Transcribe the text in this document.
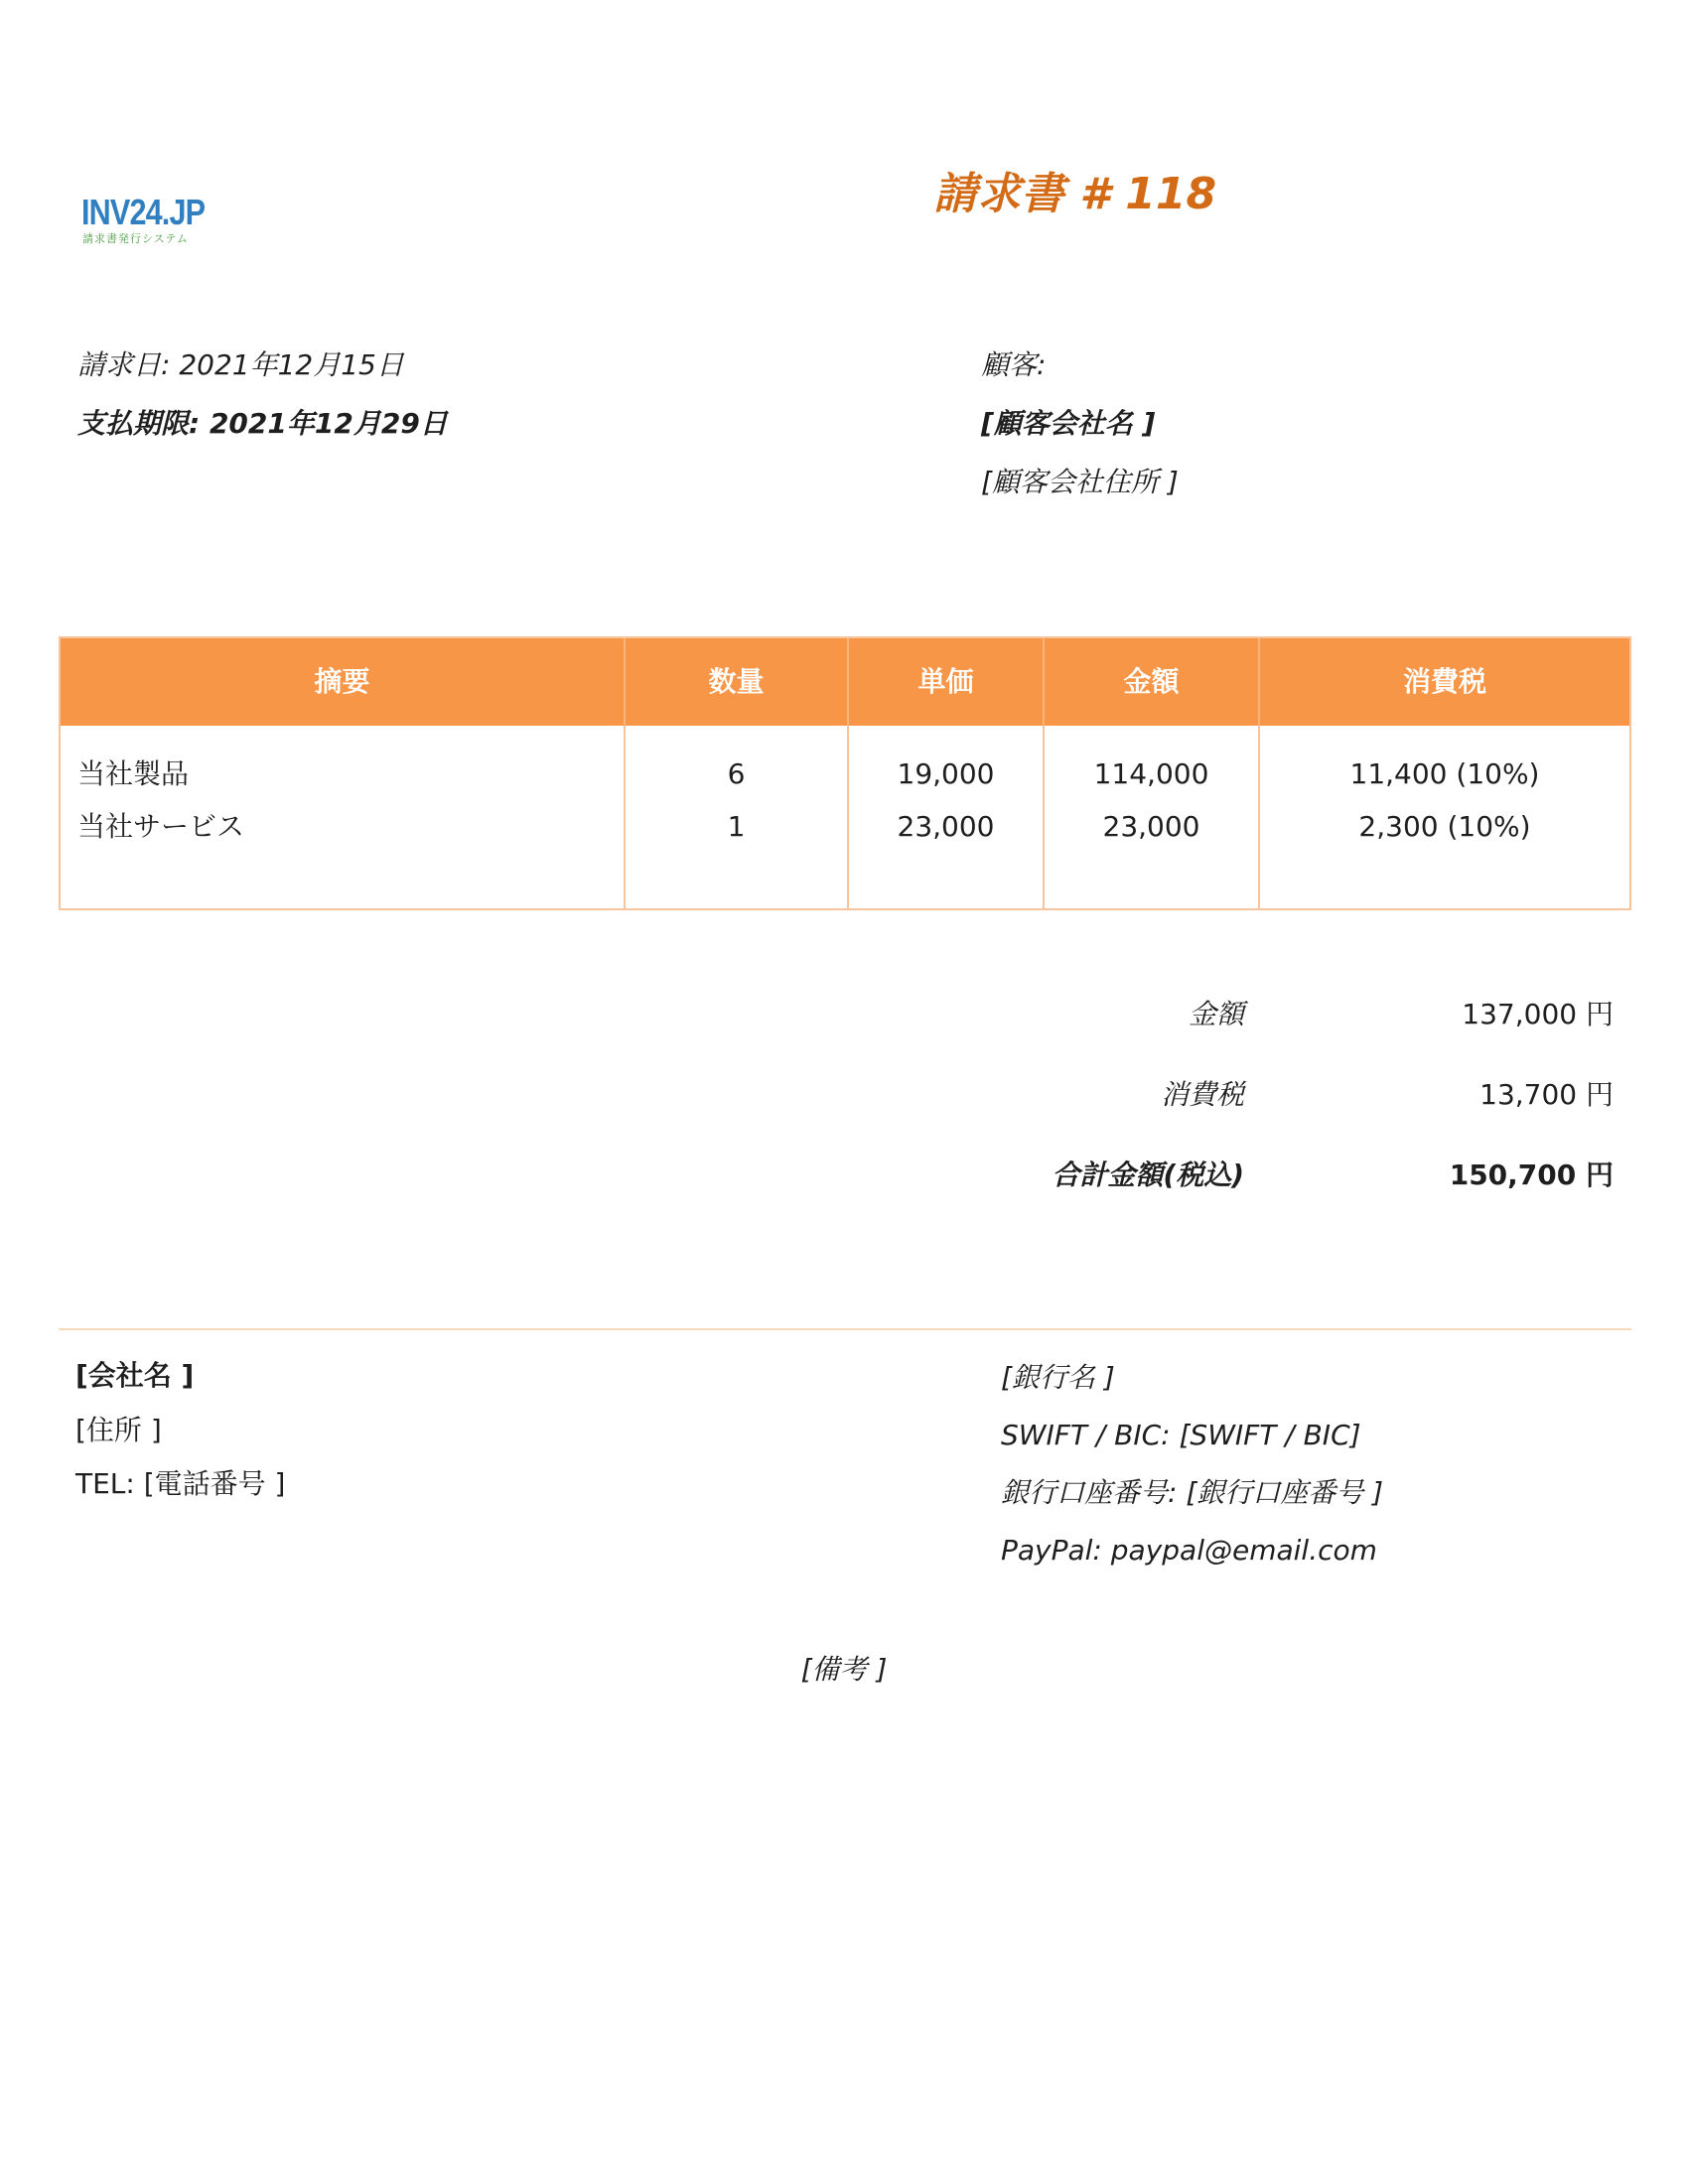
INV24.JP
請求書発行システム
請求書 # 118
請求日: 2021年12月15日
支払期限: 2021年12月29日
顧客:
[顧客会社名 ]
[顧客会社住所 ]
摘要	数量	単価	金額	消費税
当社製品	6	19,000	114,000	11,400 (10%)
当社サービス	1	23,000	23,000	2,300 (10%)
金額	137,000 円
消費税	13,700 円
合計金額(税込)	150,700 円
[会社名 ]
[住所 ]
TEL: [電話番号 ]
[銀行名 ]
SWIFT / BIC: [SWIFT / BIC]
銀行口座番号: [銀行口座番号 ]
PayPal: paypal@email.com
[備考 ]
